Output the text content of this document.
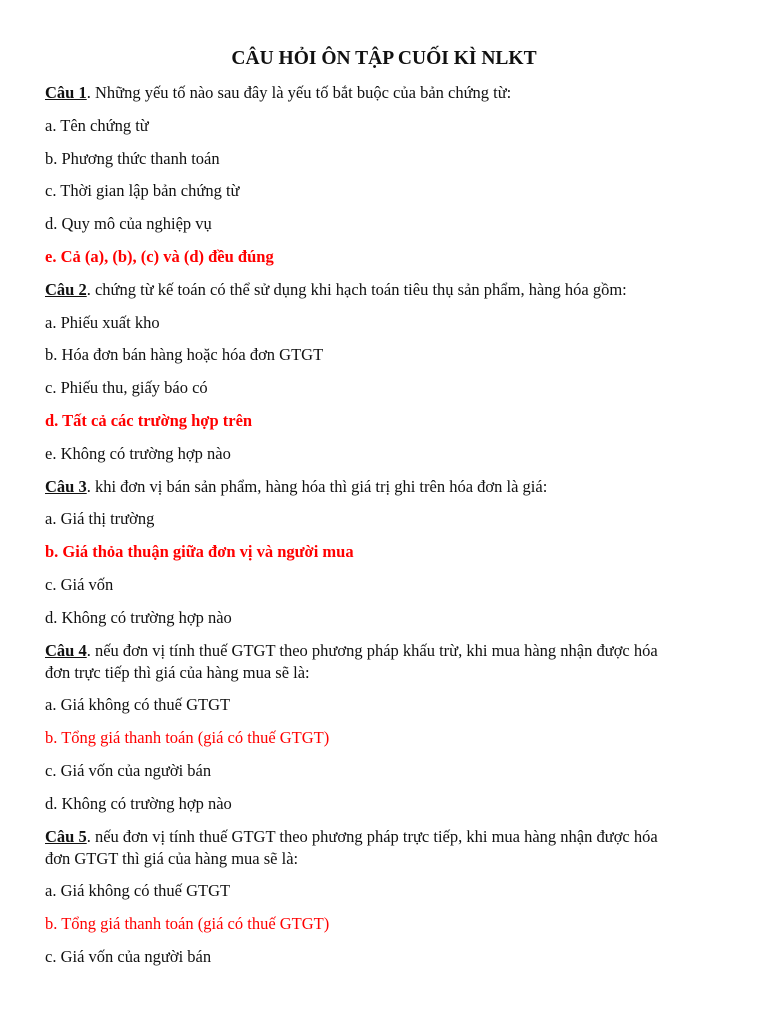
CÂU HỎI ÔN TẬP CUỐI KÌ NLKT
Câu 1. Những yếu tố nào sau đây là yếu tố bắt buộc của bản chứng từ:
a. Tên chứng từ
b. Phương thức thanh toán
c. Thời gian lập bản chứng từ
d. Quy mô của nghiệp vụ
e. Cả (a), (b), (c) và (d) đều đúng
Câu 2. chứng từ kế toán có thể sử dụng khi hạch toán tiêu thụ sản phẩm, hàng hóa gồm:
a. Phiếu xuất kho
b. Hóa đơn bán hàng hoặc hóa đơn GTGT
c. Phiếu thu, giấy báo có
d. Tất cả các trường hợp trên
e. Không có trường hợp nào
Câu 3. khi đơn vị bán sản phẩm, hàng hóa thì giá trị ghi trên hóa đơn là giá:
a. Giá thị trường
b. Giá thỏa thuận giữa đơn vị và người mua
c. Giá vốn
d. Không có trường hợp nào
Câu 4. nếu đơn vị tính thuế GTGT theo phương pháp khấu trừ, khi mua hàng nhận được hóa
đơn trực tiếp thì giá của hàng mua sẽ là:
a. Giá không có thuế GTGT
b. Tổng giá thanh toán (giá có thuế GTGT)
c. Giá vốn của người bán
d. Không có trường hợp nào
Câu 5. nếu đơn vị tính thuế GTGT theo phương pháp trực tiếp, khi mua hàng nhận được hóa
đơn GTGT thì giá của hàng mua sẽ là:
a. Giá không có thuế GTGT
b. Tổng giá thanh toán (giá có thuế GTGT)
c. Giá vốn của người bán
